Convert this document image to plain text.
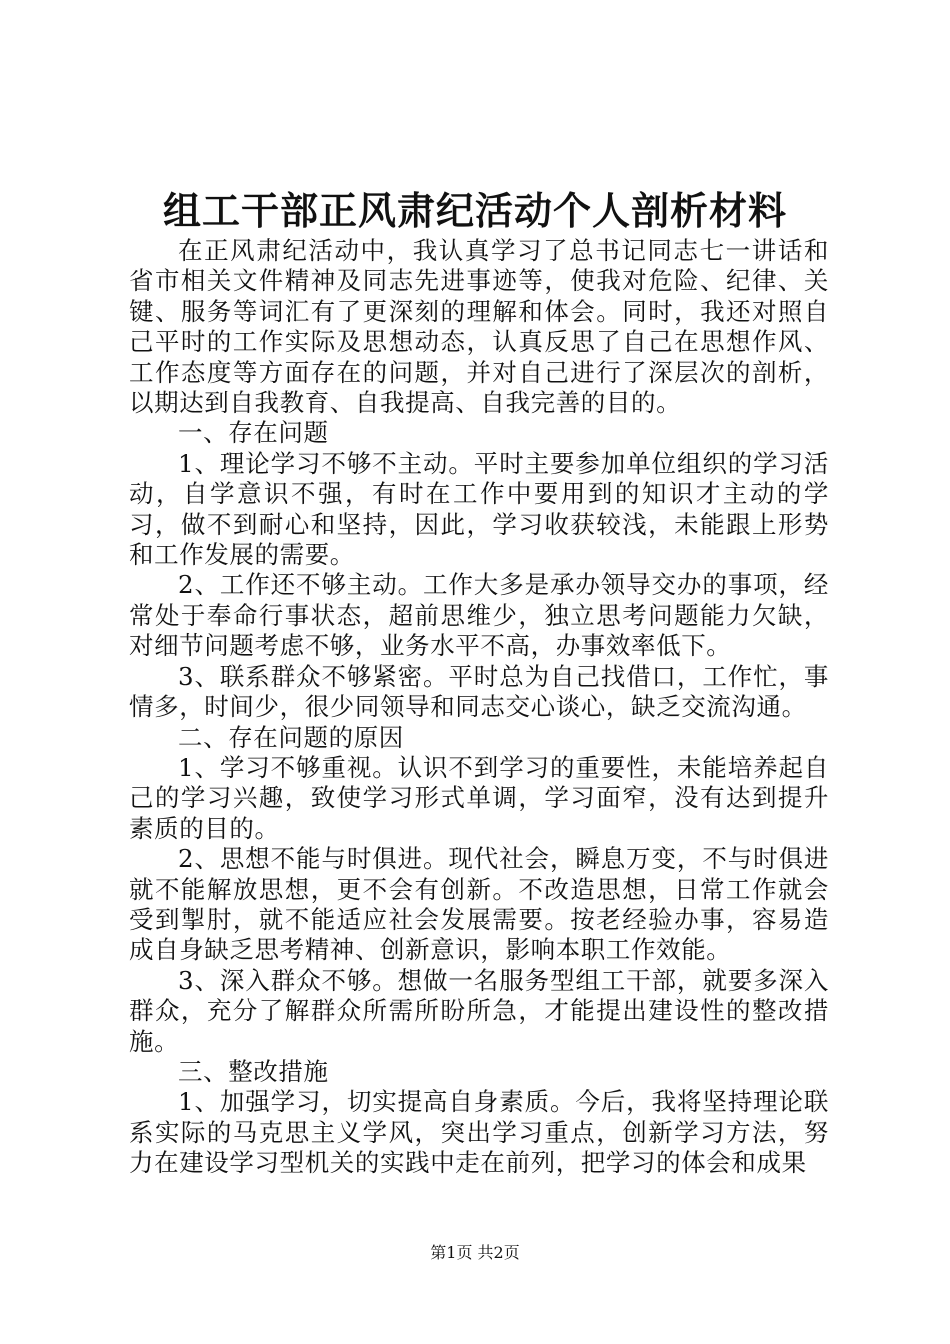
组工干部正风肃纪活动个人剖析材料

在正风肃纪活动中，我认真学习了总书记同志七一讲话和省市相关文件精神及同志先进事迹等，使我对危险、纪律、关键、服务等词汇有了更深刻的理解和体会。同时，我还对照自己平时的工作实际及思想动态，认真反思了自己在思想作风、工作态度等方面存在的问题，并对自己进行了深层次的剖析，以期达到自我教育、自我提高、自我完善的目的。

一、存在问题

1、理论学习不够不主动。平时主要参加单位组织的学习活动，自学意识不强，有时在工作中要用到的知识才主动的学习，做不到耐心和坚持，因此，学习收获较浅，未能跟上形势和工作发展的需要。

2、工作还不够主动。工作大多是承办领导交办的事项，经常处于奉命行事状态，超前思维少，独立思考问题能力欠缺，对细节问题考虑不够，业务水平不高，办事效率低下。

3、联系群众不够紧密。平时总为自己找借口，工作忙，事情多，时间少，很少同领导和同志交心谈心，缺乏交流沟通。

二、存在问题的原因

1、学习不够重视。认识不到学习的重要性，未能培养起自己的学习兴趣，致使学习形式单调，学习面窄，没有达到提升素质的目的。

2、思想不能与时俱进。现代社会，瞬息万变，不与时俱进就不能解放思想，更不会有创新。不改造思想，日常工作就会受到掣肘，就不能适应社会发展需要。按老经验办事，容易造成自身缺乏思考精神、创新意识，影响本职工作效能。

3、深入群众不够。想做一名服务型组工干部，就要多深入群众，充分了解群众所需所盼所急，才能提出建设性的整改措施。

三、整改措施

1、加强学习，切实提高自身素质。今后，我将坚持理论联系实际的马克思主义学风，突出学习重点，创新学习方法，努力在建设学习型机关的实践中走在前列，把学习的体会和成果

第1页 共2页
